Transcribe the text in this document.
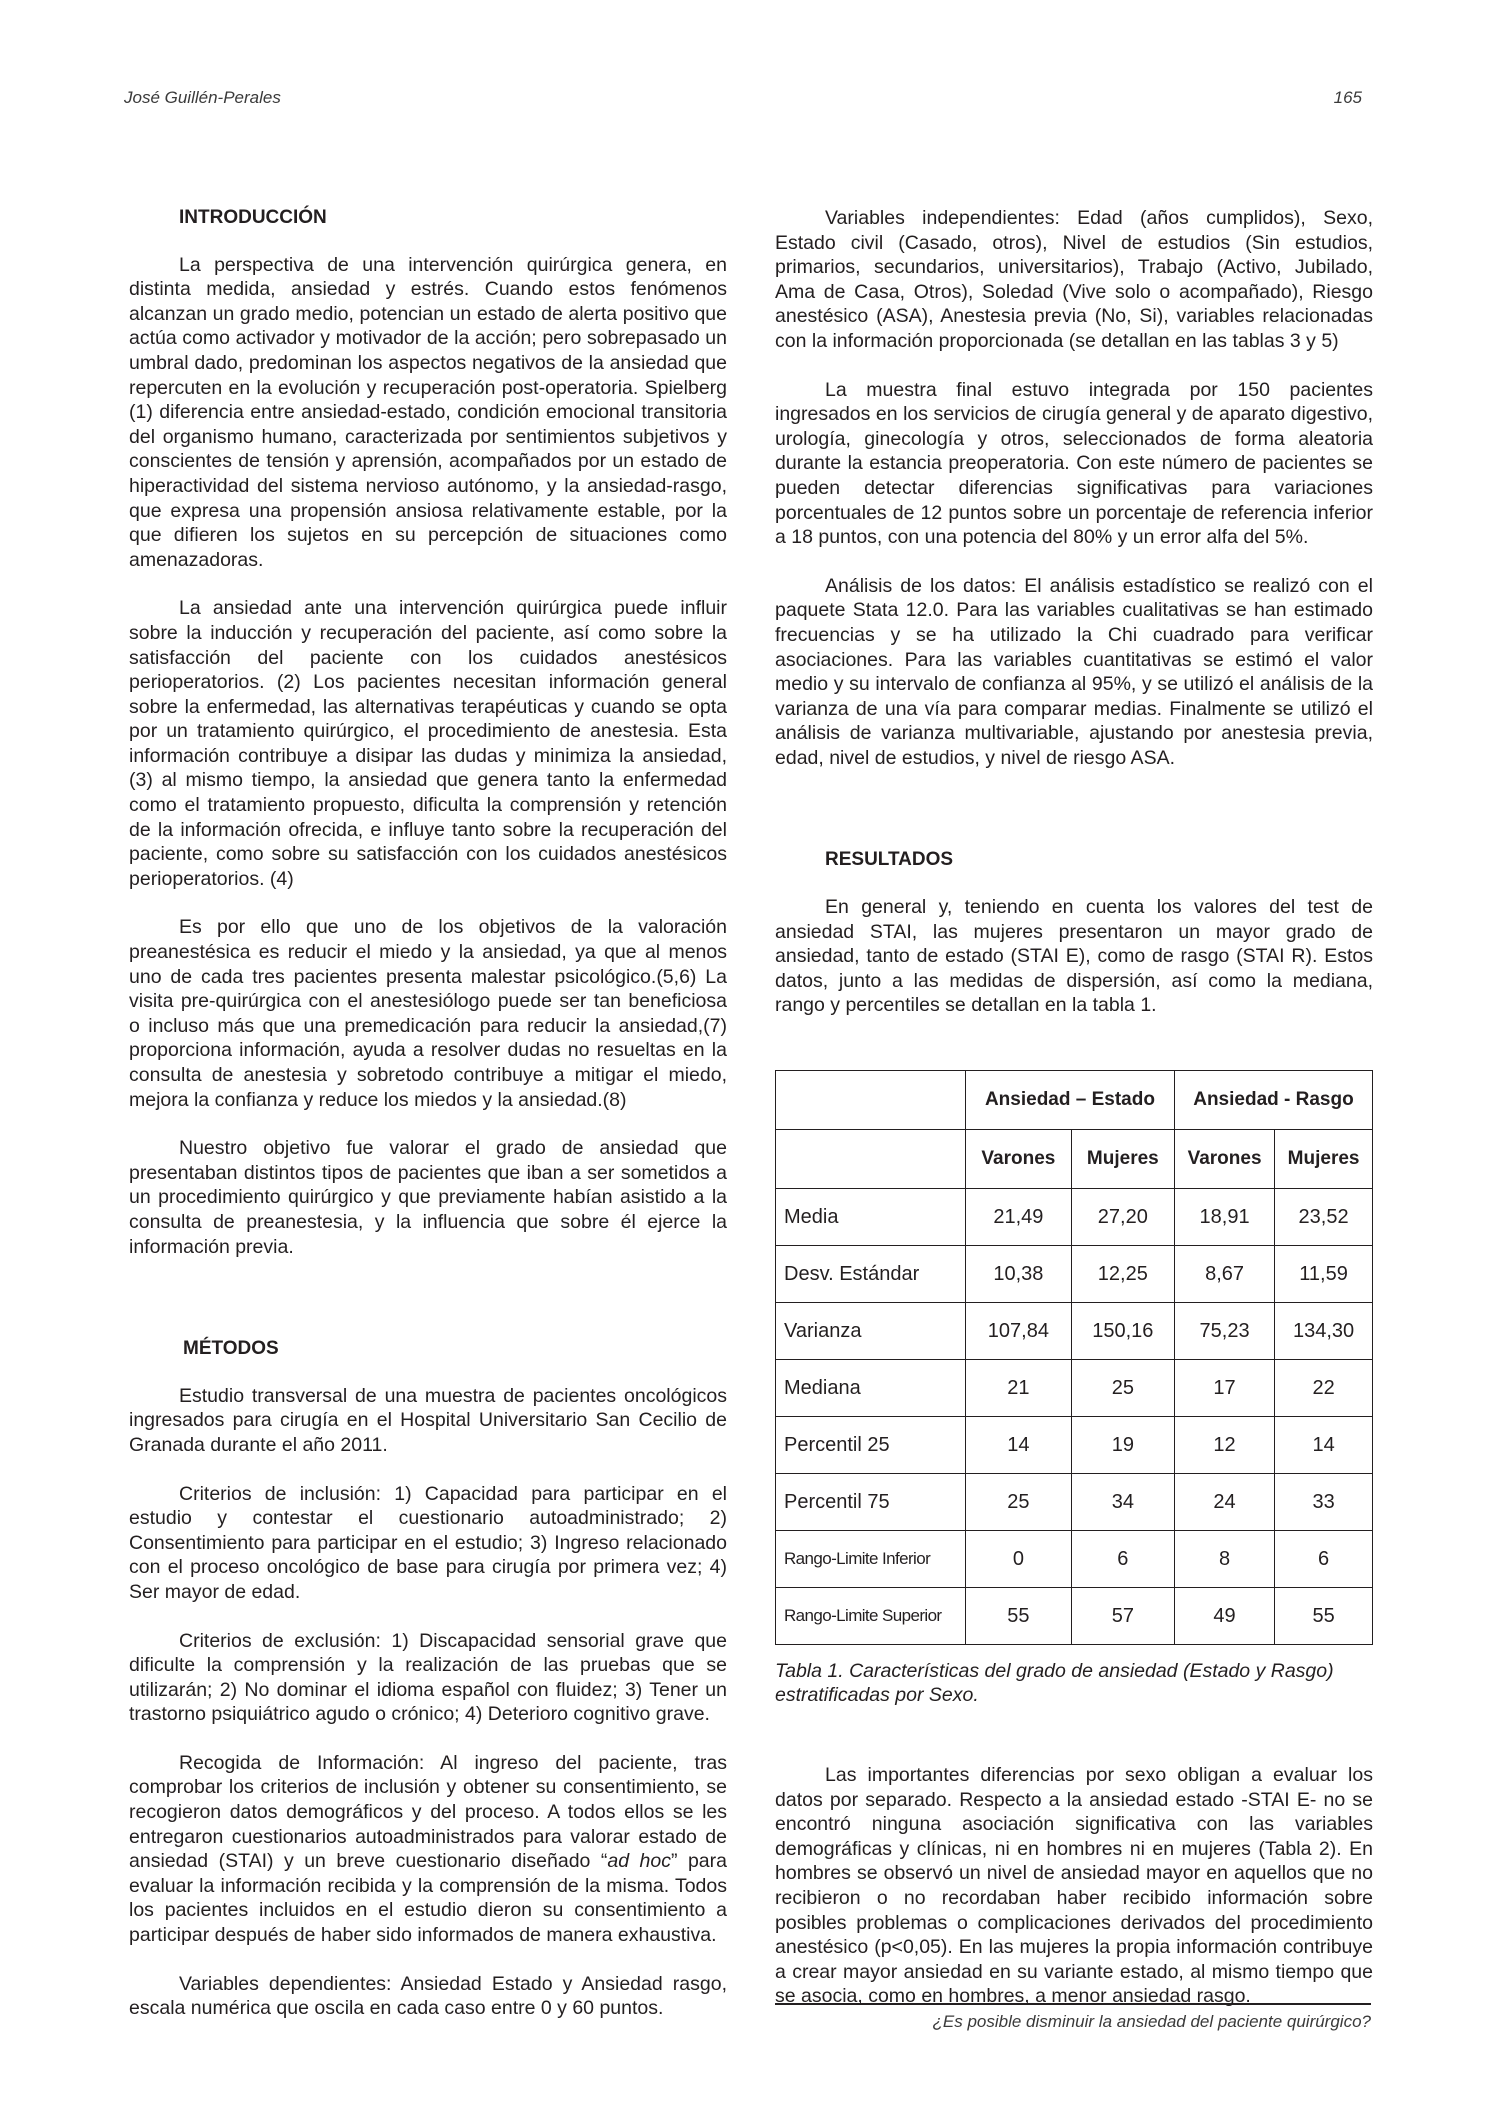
José Guillén-Perales	165
INTRODUCCIÓN

La perspectiva de una intervención quirúrgica genera, en distinta medida, ansiedad y estrés. Cuando estos fenómenos alcanzan un grado medio, potencian un estado de alerta positivo que actúa como activador y motivador de la acción; pero sobrepasado un umbral dado, predominan los aspectos negativos de la ansiedad que repercuten en la evolución y recuperación post-operatoria. Spielberg (1) diferencia entre ansiedad-estado, condición emocional transitoria del organismo humano, caracterizada por sentimientos subjetivos y conscientes de tensión y aprensión, acompañados por un estado de hiperactividad del sistema nervioso autónomo, y la ansiedad-rasgo, que expresa una propensión ansiosa relativamente estable, por la que difieren los sujetos en su percepción de situaciones como amenazadoras.

La ansiedad ante una intervención quirúrgica puede influir sobre la inducción y recuperación del paciente, así como sobre la satisfacción del paciente con los cuidados anestésicos perioperatorios. (2) Los pacientes necesitan información general sobre la enfermedad, las alternativas terapéuticas y cuando se opta por un tratamiento quirúrgico, el procedimiento de anestesia. Esta información contribuye a disipar las dudas y minimiza la ansiedad, (3) al mismo tiempo, la ansiedad que genera tanto la enfermedad como el tratamiento propuesto, dificulta la comprensión y retención de la información ofrecida, e influye tanto sobre la recuperación del paciente, como sobre su satisfacción con los cuidados anestésicos perioperatorios. (4)

Es por ello que uno de los objetivos de la valoración preanestésica es reducir el miedo y la ansiedad, ya que al menos uno de cada tres pacientes presenta malestar psicológico.(5,6) La visita pre-quirúrgica con el anestesiólogo puede ser tan beneficiosa o incluso más que una premedicación para reducir la ansiedad,(7) proporciona información, ayuda a resolver dudas no resueltas en la consulta de anestesia y sobretodo contribuye a mitigar el miedo, mejora la confianza y reduce los miedos y la ansiedad.(8)

Nuestro objetivo fue valorar el grado de ansiedad que presentaban distintos tipos de pacientes que iban a ser sometidos a un procedimiento quirúrgico y que previamente habían asistido a la consulta de preanestesia, y la influencia que sobre él ejerce la información previa.

MÉTODOS

Estudio transversal de una muestra de pacientes oncológicos ingresados para cirugía en el Hospital Universitario San Cecilio de Granada durante el año 2011.

Criterios de inclusión: 1) Capacidad para participar en el estudio y contestar el cuestionario autoadministrado; 2) Consentimiento para participar en el estudio; 3) Ingreso relacionado con el proceso oncológico de base para cirugía por primera vez; 4) Ser mayor de edad.

Criterios de exclusión: 1) Discapacidad sensorial grave que dificulte la comprensión y la realización de las pruebas que se utilizarán; 2) No dominar el idioma español con fluidez; 3) Tener un trastorno psiquiátrico agudo o crónico; 4) Deterioro cognitivo grave.

Recogida de Información: Al ingreso del paciente, tras comprobar los criterios de inclusión y obtener su consentimiento, se recogieron datos demográficos y del proceso. A todos ellos se les entregaron cuestionarios autoadministrados para valorar estado de ansiedad (STAI) y un breve cuestionario diseñado “ad hoc” para evaluar la información recibida y la comprensión de la misma. Todos los pacientes incluidos en el estudio dieron su consentimiento a participar después de haber sido informados de manera exhaustiva.

Variables dependientes: Ansiedad Estado y Ansiedad rasgo, escala numérica que oscila en cada caso entre 0 y 60 puntos.

Variables independientes: Edad (años cumplidos), Sexo, Estado civil (Casado, otros), Nivel de estudios (Sin estudios, primarios, secundarios, universitarios), Trabajo (Activo, Jubilado, Ama de Casa, Otros), Soledad (Vive solo o acompañado), Riesgo anestésico (ASA), Anestesia previa (No, Si), variables relacionadas con la información proporcionada (se detallan en las tablas 3 y 5)

La muestra final estuvo integrada por 150 pacientes ingresados en los servicios de cirugía general y de aparato digestivo, urología, ginecología y otros, seleccionados de forma aleatoria durante la estancia preoperatoria. Con este número de pacientes se pueden detectar diferencias significativas para variaciones porcentuales de 12 puntos sobre un porcentaje de referencia inferior a 18 puntos, con una potencia del 80% y un error alfa del 5%.

Análisis de los datos: El análisis estadístico se realizó con el paquete Stata 12.0. Para las variables cualitativas se han estimado frecuencias y se ha utilizado la Chi cuadrado para verificar asociaciones. Para las variables cuantitativas se estimó el valor medio y su intervalo de confianza al 95%, y se utilizó el análisis de la varianza de una vía para comparar medias. Finalmente se utilizó el análisis de varianza multivariable, ajustando por anestesia previa, edad, nivel de estudios, y nivel de riesgo ASA.

RESULTADOS

En general y, teniendo en cuenta los valores del test de ansiedad STAI, las mujeres presentaron un mayor grado de ansiedad, tanto de estado (STAI E), como de rasgo (STAI R). Estos datos, junto a las medidas de dispersión, así como la mediana, rango y percentiles se detallan en la tabla 1.

	Ansiedad – Estado		Ansiedad - Rasgo	
	Varones	Mujeres	Varones	Mujeres
Media	21,49	27,20	18,91	23,52
Desv. Estándar	10,38	12,25	8,67	11,59
Varianza	107,84	150,16	75,23	134,30
Mediana	21	25	17	22
Percentil 25	14	19	12	14
Percentil 75	25	34	24	33
Rango-Limite Inferior	0	6	8	6
Rango-Limite Superior	55	57	49	55
Tabla 1. Características del grado de ansiedad (Estado y Rasgo) estratificadas por Sexo.

Las importantes diferencias por sexo obligan a evaluar los datos por separado. Respecto a la ansiedad estado -STAI E- no se encontró ninguna asociación significativa con las variables demográficas y clínicas, ni en hombres ni en mujeres (Tabla 2). En hombres se observó un nivel de ansiedad mayor en aquellos que no recibieron o no recordaban haber recibido información sobre posibles problemas o complicaciones derivados del procedimiento anestésico (p<0,05). En las mujeres la propia información contribuye a crear mayor ansiedad en su variante estado, al mismo tiempo que se asocia, como en hombres, a menor ansiedad rasgo.

¿Es posible disminuir la ansiedad del paciente quirúrgico?
